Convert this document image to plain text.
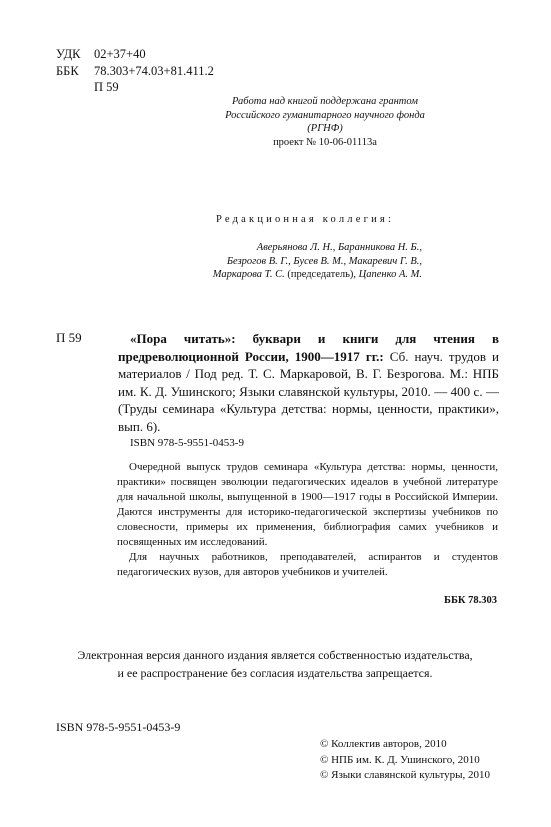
УДК	02+37+40
ББК	78.303+74.03+81.411.2
П 59
Работа над книгой поддержана грантом
Российского гуманитарного научного фонда
(РГНФ)
проект № 10-06-01113а
Редакционная коллегия:
Аверьянова Л. Н., Баранникова Н. Б.,
Безрогов В. Г., Бусев В. М., Макаревич Г. В.,
Маркарова Т. С. (председатель), Цапенко А. М.
П 59	«Пора читать»: буквари и книги для чтения в предреволюционной России, 1900—1917 гг.: Сб. науч. трудов и материалов / Под ред. Т. С. Маркаровой, В. Г. Безрогова. М.: НПБ им. К. Д. Ушинского; Языки славянской культуры, 2010. — 400 с. — (Труды семинара «Культура детства: нормы, ценности, практики», вып. 6).
ISBN 978-5-9551-0453-9

Очередной выпуск трудов семинара «Культура детства: нормы, ценности, практики» посвящен эволюции педагогических идеалов в учебной литературе для начальной школы, выпущенной в 1900—1917 годы в Российской Империи. Даются инструменты для историко-педагогической экспертизы учебников по словесности, примеры их применения, библиография самих учебников и посвященных им исследований.

Для научных работников, преподавателей, аспирантов и студентов педагогических вузов, для авторов учебников и учителей.

ББК 78.303
Электронная версия данного издания является собственностью издательства,
и ее распространение без согласия издательства запрещается.
ISBN 978-5-9551-0453-9
© Коллектив авторов, 2010
© НПБ им. К. Д. Ушинского, 2010
© Языки славянской культуры, 2010
